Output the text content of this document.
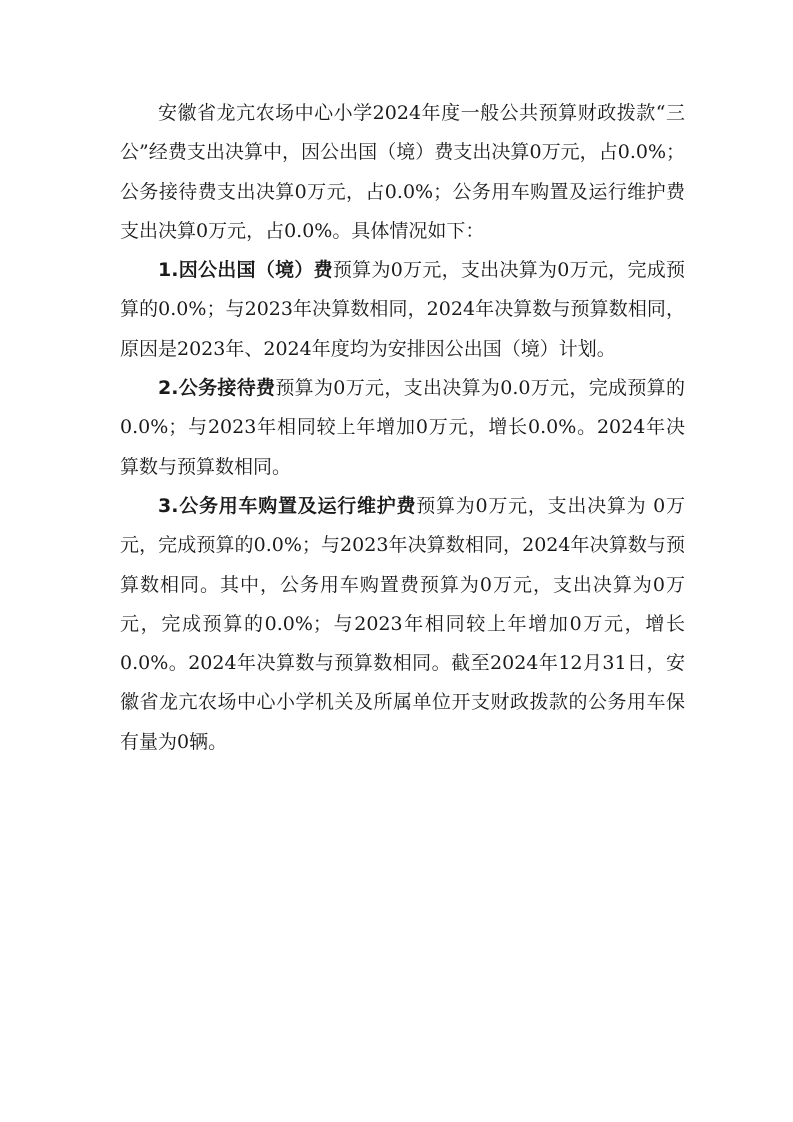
安徽省龙亢农场中心小学2024年度一般公共预算财政拨款“三公”经费支出决算中，因公出国（境）费支出决算0万元，占0.0%；公务接待费支出决算0万元，占0.0%；公务用车购置及运行维护费支出决算0万元，占0.0%。具体情况如下：

1.因公出国（境）费预算为0万元，支出决算为0万元，完成预算的0.0%；与2023年决算数相同，2024年决算数与预算数相同，原因是2023年、2024年度均为安排因公出国（境）计划。

2.公务接待费预算为0万元，支出决算为0.0万元，完成预算的0.0%；与2023年相同较上年增加0万元，增长0.0%。2024年决算数与预算数相同。

3.公务用车购置及运行维护费预算为0万元，支出决算为 0万元，完成预算的0.0%；与2023年决算数相同，2024年决算数与预算数相同。其中，公务用车购置费预算为0万元，支出决算为0万元，完成预算的0.0%；与2023年相同较上年增加0万元，增长0.0%。2024年决算数与预算数相同。截至2024年12月31日，安徽省龙亢农场中心小学机关及所属单位开支财政拨款的公务用车保有量为0辆。
